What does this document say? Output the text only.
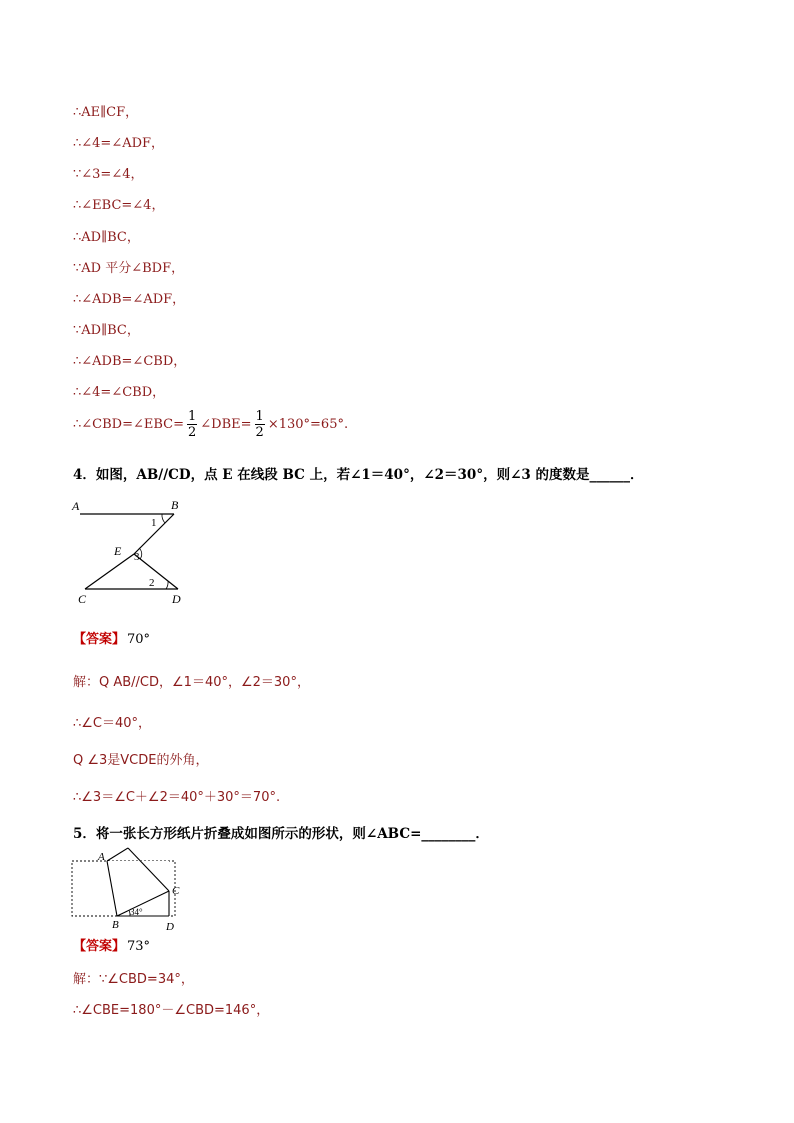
∴AE∥CF，
∴∠4=∠ADF，
∵∠3=∠4，
∴∠EBC=∠4，
∴AD∥BC，
∵AD 平分∠BDF，
∴∠ADB=∠ADF，
∵AD∥BC，
∴∠ADB=∠CBD，
∴∠4=∠CBD，
∴∠CBD=∠EBC= $\frac{1}{2}$ ∠DBE= $\frac{1}{2} \times 130^\circ=65^\circ$.
4．如图，AB//CD，点 E 在线段 BC 上，若∠1＝40°，∠2＝30°，则∠3 的度数是______．
A	B
C	D
E
1
2
3
【答案】 70°
解：Q AB//CD，∠1＝40°，∠2＝30°，
∴∠C＝40°，
Q ∠3是VCDE的外角，
∴∠3＝∠C＋∠2＝40°＋30°＝70°.
5．将一张长方形纸片折叠成如图所示的形状，则∠ABC=________．
A
B
C
D
34°
【答案】 73°
解：∵∠CBD=34°，
∴∠CBE=180°－∠CBD=146°，
